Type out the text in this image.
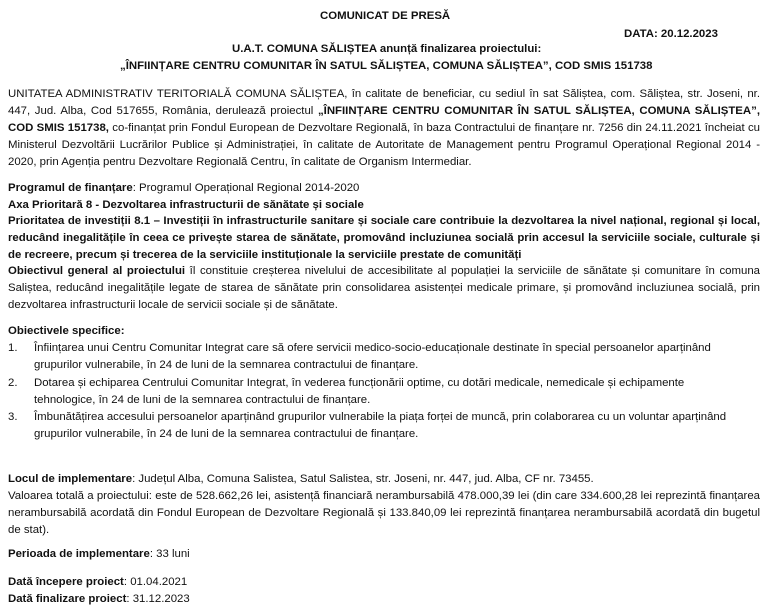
COMUNICAT DE PRESĂ
DATA: 20.12.2023
U.A.T. COMUNA SĂLIȘTEA anunță finalizarea proiectului:
„ÎNFIINȚARE CENTRU COMUNITAR ÎN SATUL SĂLIȘTEA, COMUNA SĂLIȘTEA”, COD SMIS 151738
UNITATEA ADMINISTRATIV TERITORIALĂ COMUNA SĂLIȘTEA, în calitate de beneficiar, cu sediul în sat Săliștea, com. Săliștea, str. Joseni, nr. 447, Jud. Alba, Cod 517655, România, derulează proiectul „ÎNFIINȚARE CENTRU COMUNITAR ÎN SATUL SĂLIȘTEA, COMUNA SĂLIȘTEA”, COD SMIS 151738, co-finanțat prin Fondul European de Dezvoltare Regională, în baza Contractului de finanțare nr. 7256 din 24.11.2021 încheiat cu Ministerul Dezvoltării Lucrărilor Publice și Administrației, în calitate de Autoritate de Management pentru Programul Operațional Regional 2014 - 2020, prin Agenția pentru Dezvoltare Regională Centru, în calitate de Organism Intermediar.
Programul de finanțare: Programul Operațional Regional 2014-2020
Axa Prioritară 8 - Dezvoltarea infrastructurii de sănătate și sociale
Prioritatea de investiții 8.1 – Investiții în infrastructurile sanitare și sociale care contribuie la dezvoltarea la nivel național, regional și local, reducând inegalitățile în ceea ce privește starea de sănătate, promovând incluziunea socială prin accesul la serviciile sociale, culturale și de recreere, precum și trecerea de la serviciile instituționale la serviciile prestate de comunități
Obiectivul general al proiectului îl constituie creșterea nivelului de accesibilitate al populației la serviciile de sănătate și comunitare în comuna Saliștea, reducând inegalitățile legate de starea de sănătate prin consolidarea asistenței medicale primare, și promovând incluziunea socială, prin dezvoltarea infrastructurii locale de servicii sociale și de sănătate.
Obiectivele specifice:
1. Înființarea unui Centru Comunitar Integrat care să ofere servicii medico-socio-educaționale destinate în special persoanelor aparținând grupurilor vulnerabile, în 24 de luni de la semnarea contractului de finanțare.
2. Dotarea și echiparea Centrului Comunitar Integrat, în vederea funcționării optime, cu dotări medicale, nemedicale și echipamente tehnologice, în 24 de luni de la semnarea contractului de finanțare.
3. Îmbunătățirea accesului persoanelor aparținând grupurilor vulnerabile la piața forței de muncă, prin colaborarea cu un voluntar aparținând grupurilor vulnerabile, în 24 de luni de la semnarea contractului de finanțare.
Locul de implementare: Județul Alba, Comuna Salistea, Satul Salistea, str. Joseni, nr. 447, jud. Alba, CF nr. 73455.
Valoarea totală a proiectului: este de 528.662,26 lei, asistență financiară nerambursabilă 478.000,39 lei (din care 334.600,28 lei reprezintă finanțarea nerambursabilă acordată din Fondul European de Dezvoltare Regională și 133.840,09 lei reprezintă finanțarea nerambursabilă acordată din bugetul de stat).
Perioada de implementare: 33 luni
Dată începere proiect: 01.04.2021
Dată finalizare proiect: 31.12.2023
